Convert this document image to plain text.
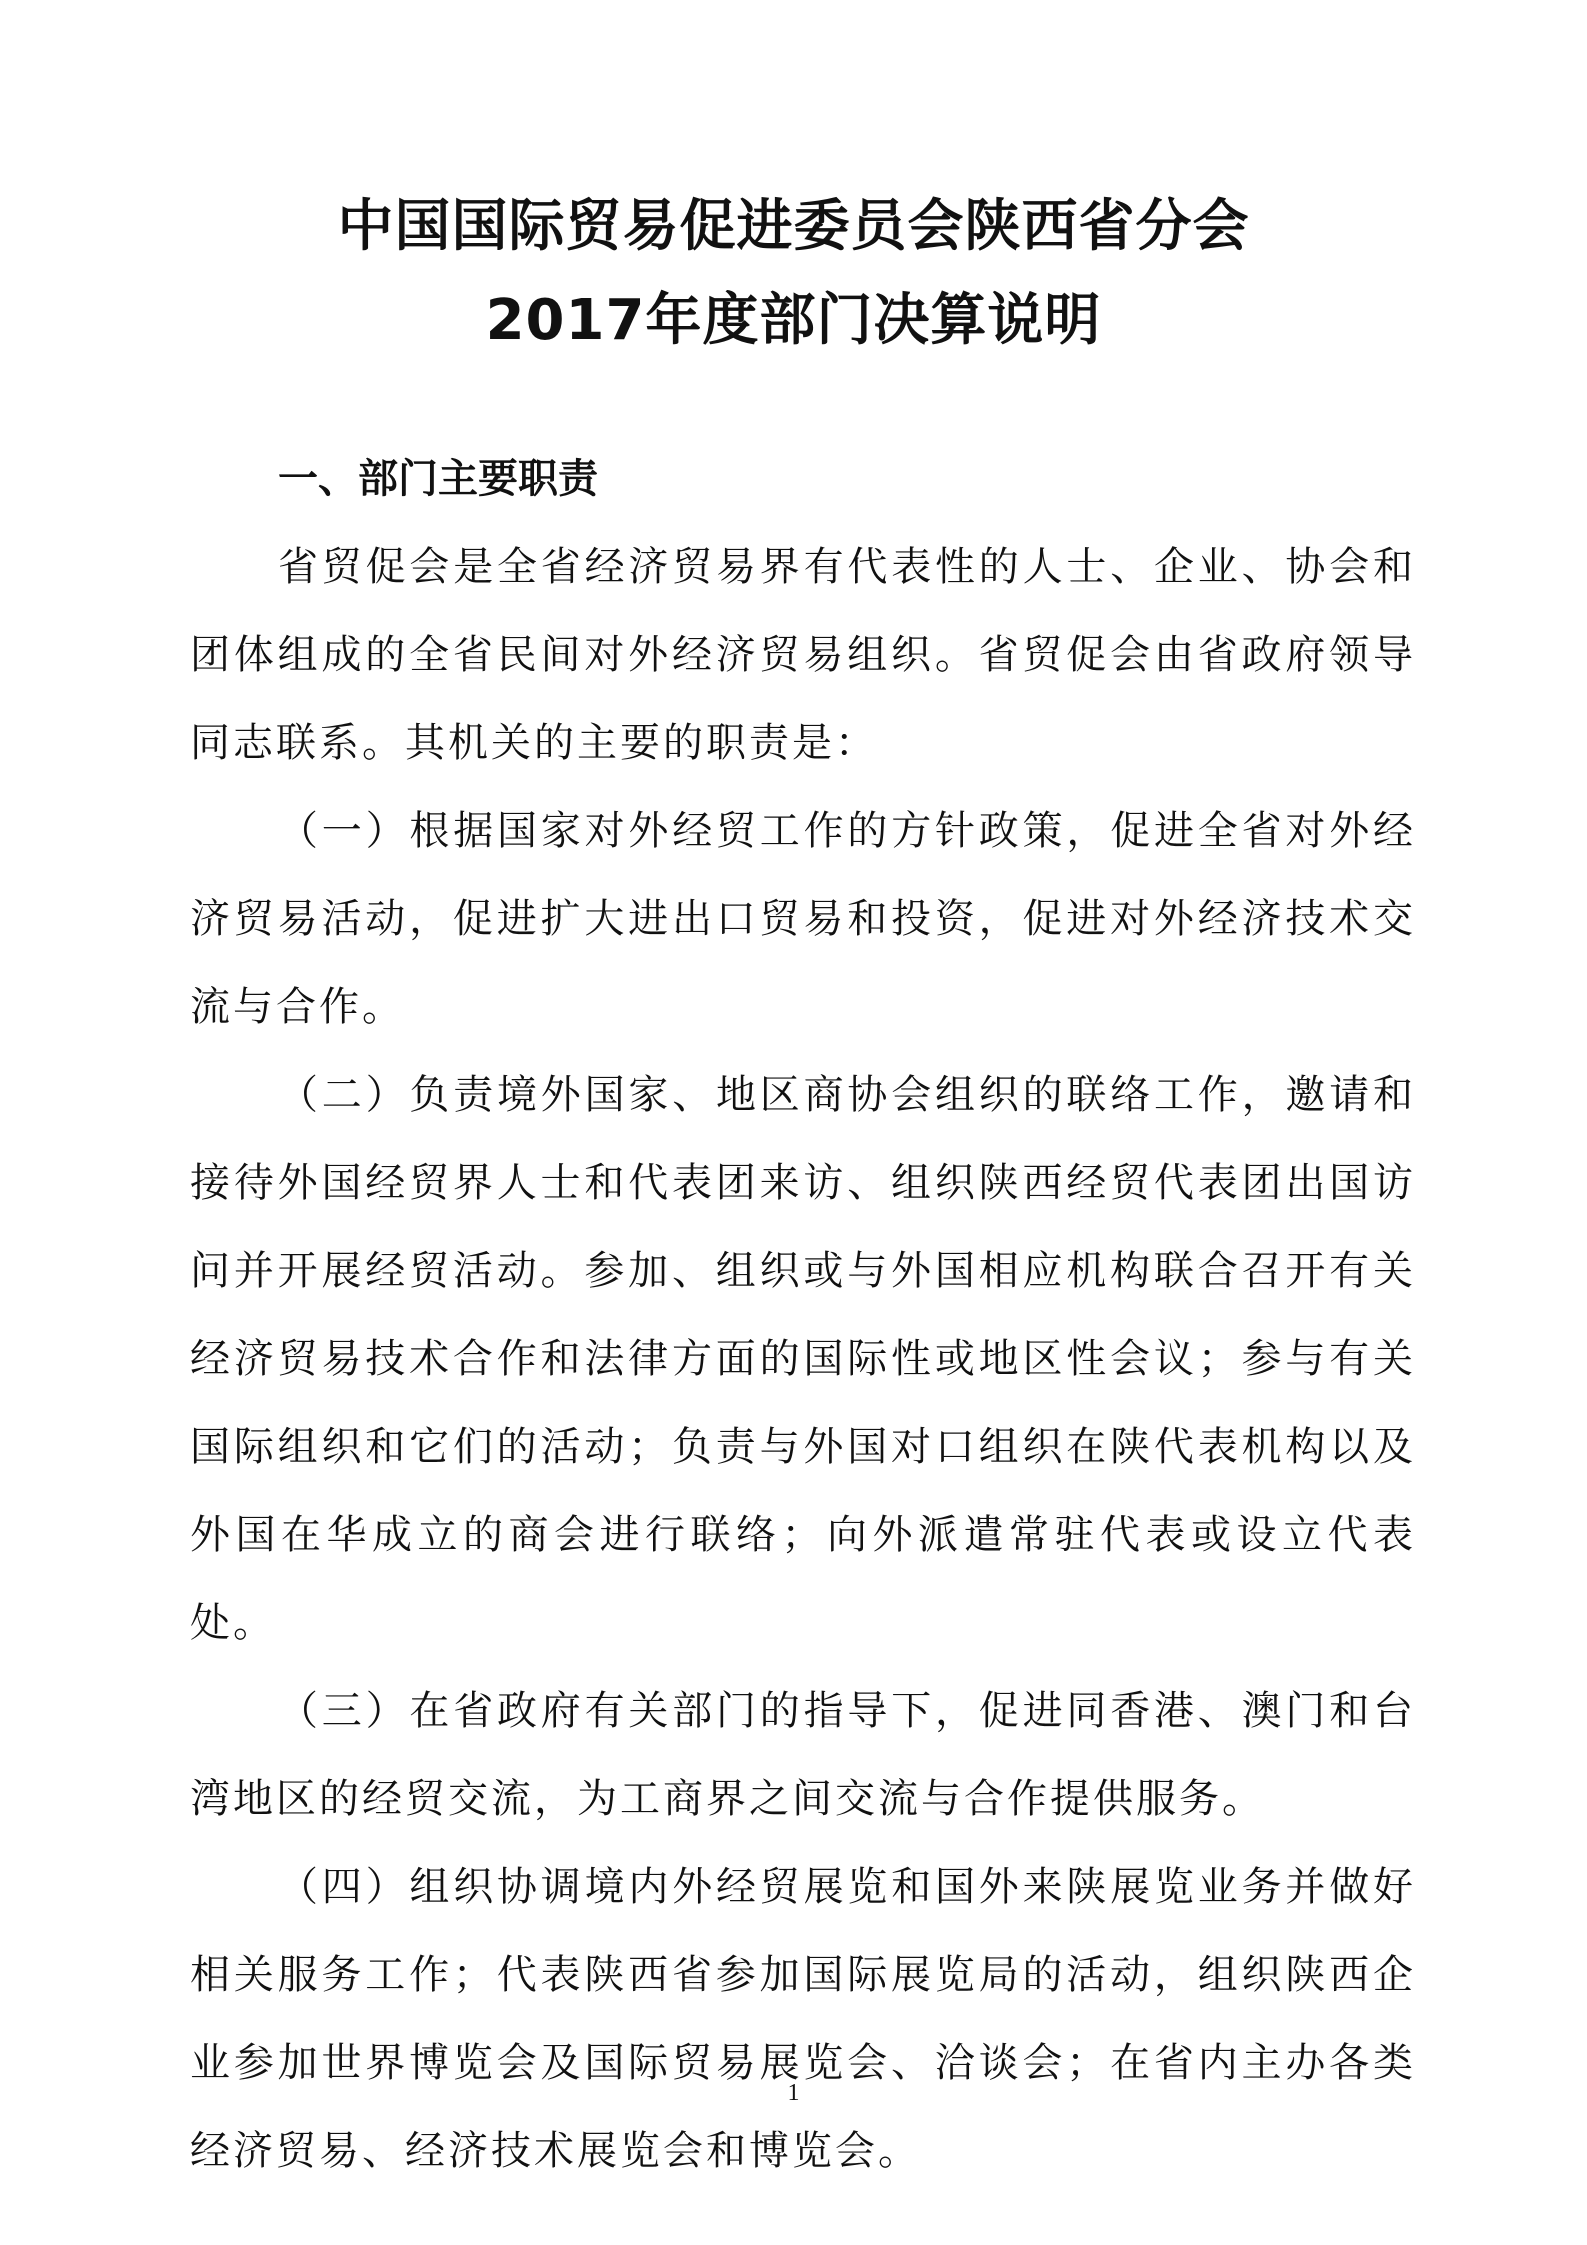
中国国际贸易促进委员会陕西省分会
2017年度部门决算说明

一、部门主要职责

省贸促会是全省经济贸易界有代表性的人士、企业、协会和团体组成的全省民间对外经济贸易组织。省贸促会由省政府领导同志联系。其机关的主要的职责是：

（一）根据国家对外经贸工作的方针政策，促进全省对外经济贸易活动，促进扩大进出口贸易和投资，促进对外经济技术交流与合作。

（二）负责境外国家、地区商协会组织的联络工作，邀请和接待外国经贸界人士和代表团来访、组织陕西经贸代表团出国访问并开展经贸活动。参加、组织或与外国相应机构联合召开有关经济贸易技术合作和法律方面的国际性或地区性会议；参与有关国际组织和它们的活动；负责与外国对口组织在陕代表机构以及外国在华成立的商会进行联络；向外派遣常驻代表或设立代表处。

（三）在省政府有关部门的指导下，促进同香港、澳门和台湾地区的经贸交流，为工商界之间交流与合作提供服务。

（四）组织协调境内外经贸展览和国外来陕展览业务并做好相关服务工作；代表陕西省参加国际展览局的活动，组织陕西企业参加世界博览会及国际贸易展览会、洽谈会；在省内主办各类经济贸易、经济技术展览会和博览会。

1
